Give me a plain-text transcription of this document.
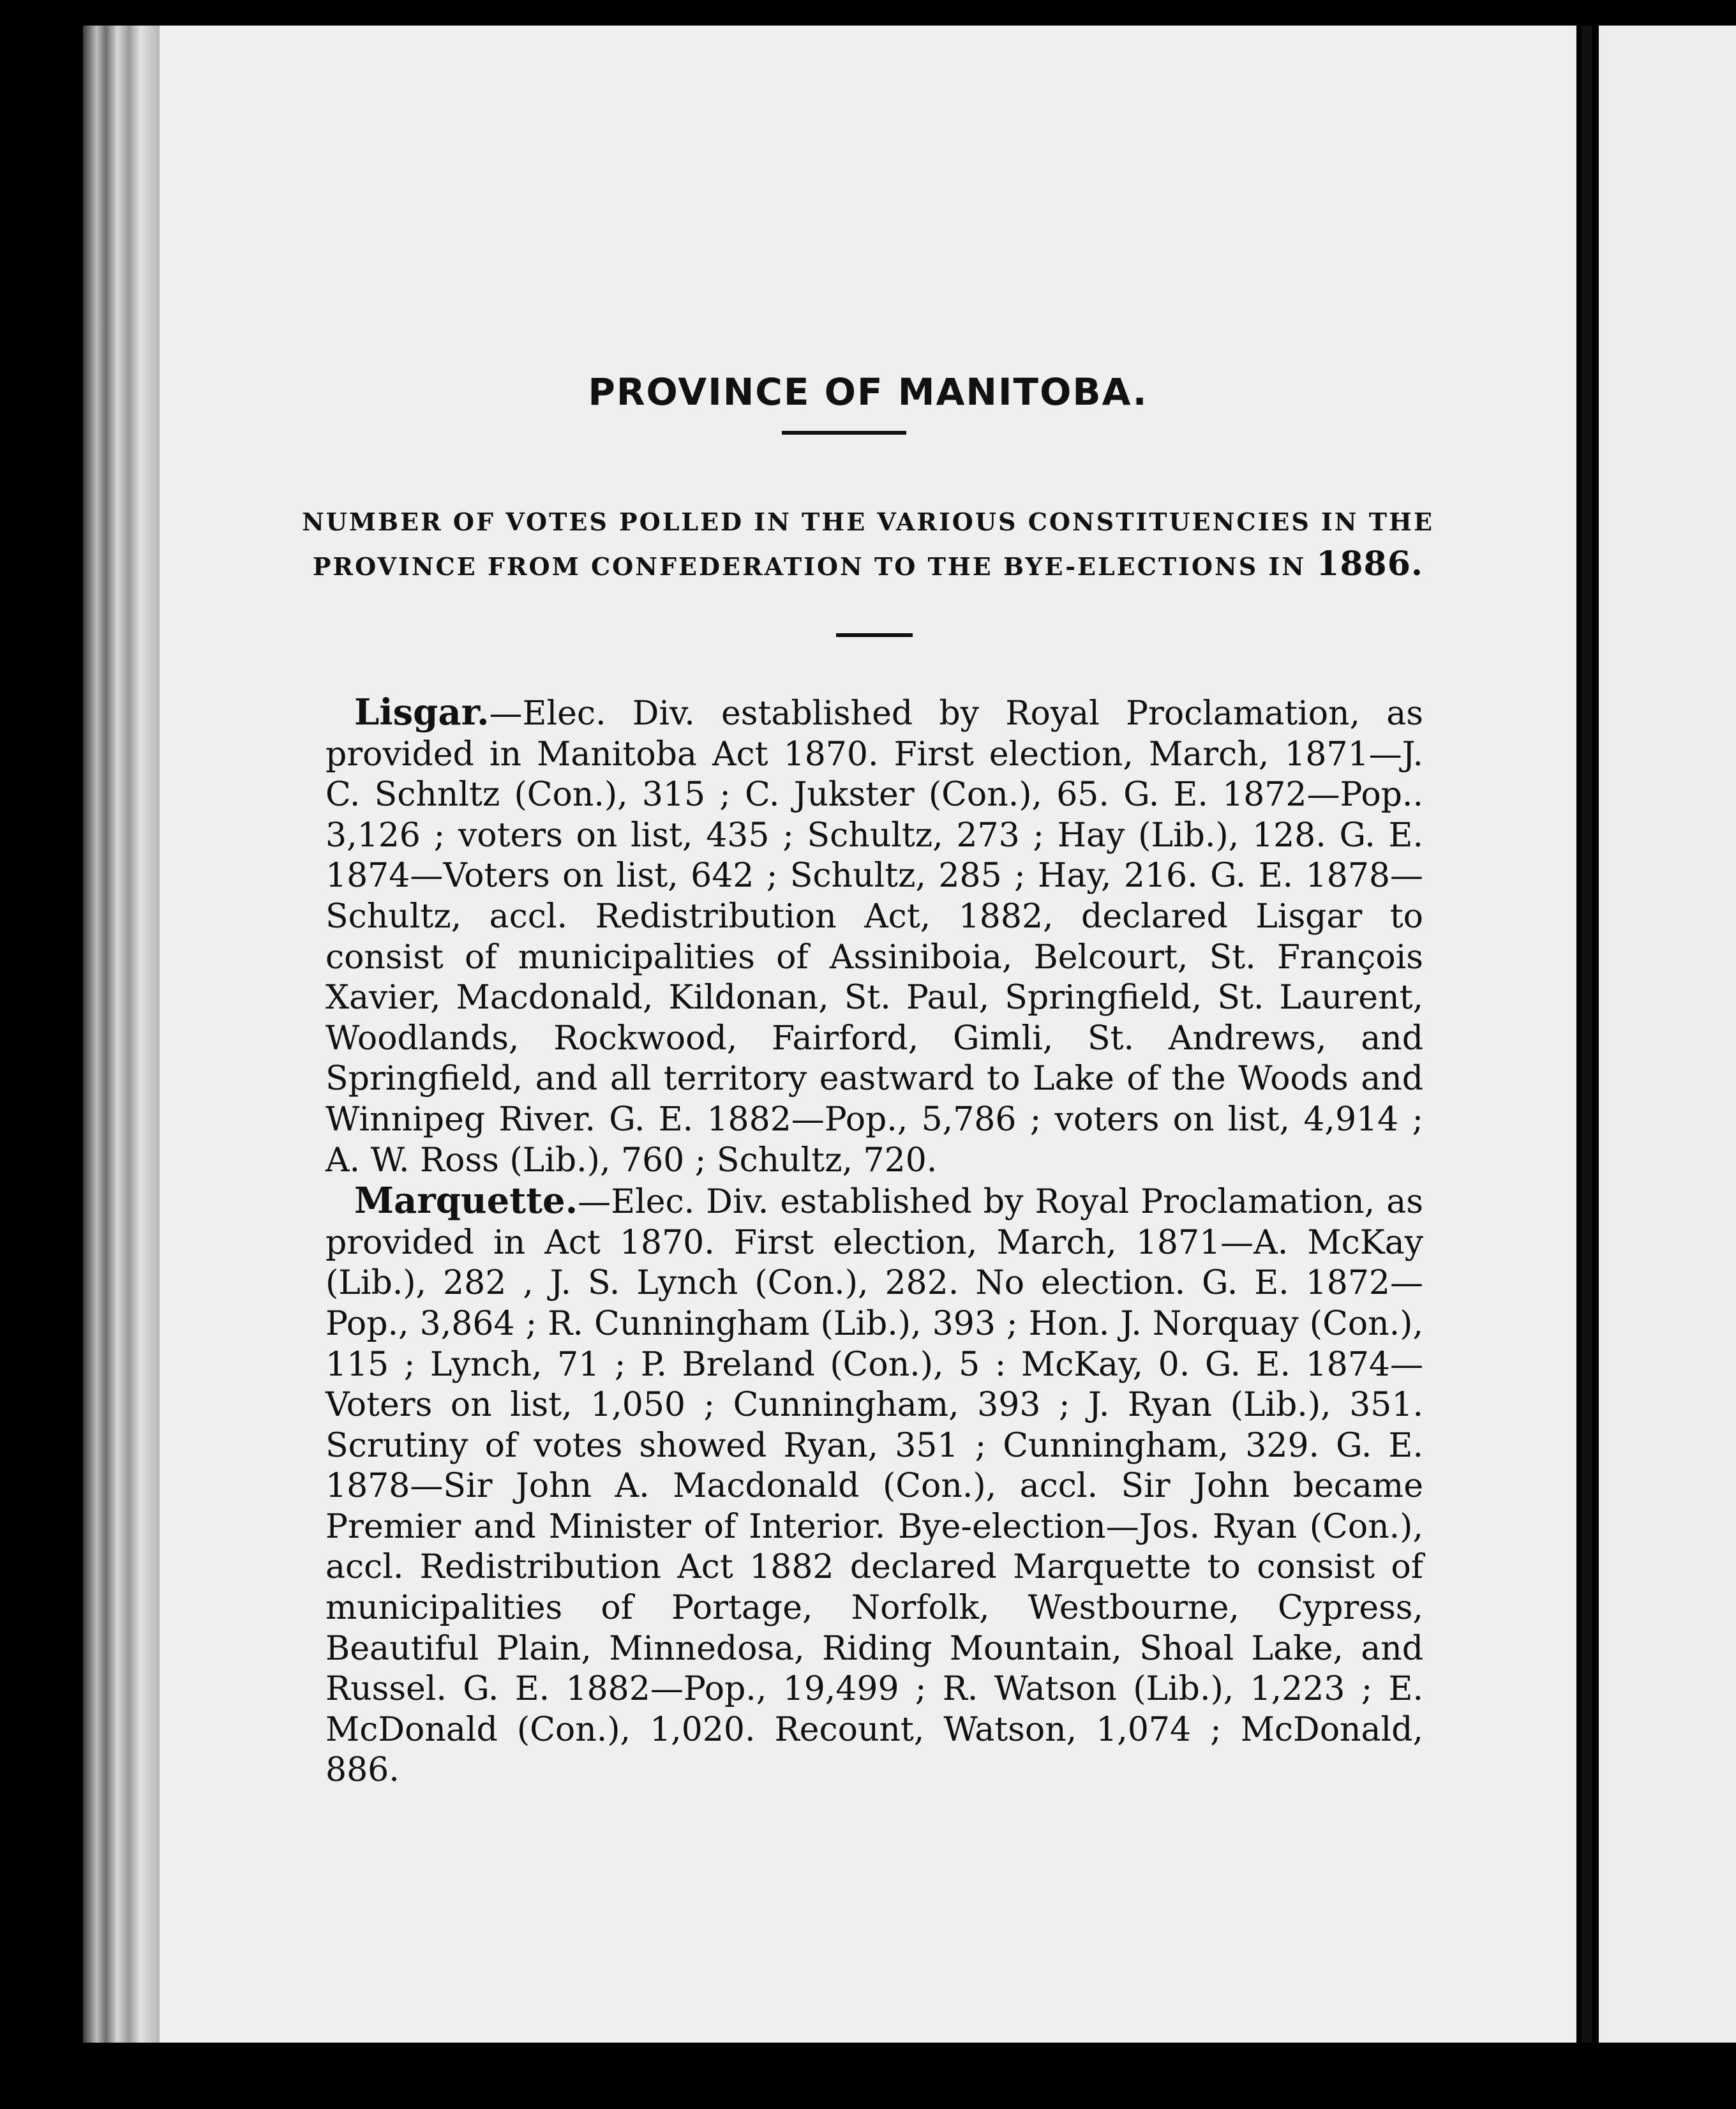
PROVINCE OF MANITOBA.
NUMBER OF VOTES POLLED IN THE VARIOUS CONSTITUENCIES IN THE PROVINCE FROM CONFEDERATION TO THE BYE-ELECTIONS IN 1886.

Lisgar.—Elec. Div. established by Royal Proclamation, as provided in Manitoba Act 1870. First election, March, 1871—J. C. Schnltz (Con.), 315 ; C. Jukster (Con.), 65. G. E. 1872—Pop.. 3,126 ; voters on list, 435 ; Schultz, 273 ; Hay (Lib.), 128. G. E. 1874—Voters on list, 642 ; Schultz, 285 ; Hay, 216. G. E. 1878—Schultz, accl. Redistribution Act, 1882, declared Lisgar to consist of municipalities of Assiniboia, Belcourt, St. François Xavier, Macdonald, Kildonan, St. Paul, Springfield, St. Laurent, Woodlands, Rockwood, Fairford, Gimli, St. Andrews, and Springfield, and all territory eastward to Lake of the Woods and Winnipeg River. G. E. 1882—Pop., 5,786 ; voters on list, 4,914 ; A. W. Ross (Lib.), 760 ; Schultz, 720.

Marquette.—Elec. Div. established by Royal Proclamation, as provided in Act 1870. First election, March, 1871—A. McKay (Lib.), 282 , J. S. Lynch (Con.), 282. No election. G. E. 1872—Pop., 3,864 ; R. Cunningham (Lib.), 393 ; Hon. J. Norquay (Con.), 115 ; Lynch, 71 ; P. Breland (Con.), 5 : McKay, 0. G. E. 1874—Voters on list, 1,050 ; Cunningham, 393 ; J. Ryan (Lib.), 351. Scrutiny of votes showed Ryan, 351 ; Cunningham, 329. G. E. 1878—Sir John A. Macdonald (Con.), accl. Sir John became Premier and Minister of Interior. Bye-election—Jos. Ryan (Con.), accl. Redistribution Act 1882 declared Marquette to consist of municipalities of Portage, Norfolk, Westbourne, Cypress, Beautiful Plain, Minnedosa, Riding Mountain, Shoal Lake, and Russel. G. E. 1882—Pop., 19,499 ; R. Watson (Lib.), 1,223 ; E. McDonald (Con.), 1,020. Recount, Watson, 1,074 ; McDonald, 886.
